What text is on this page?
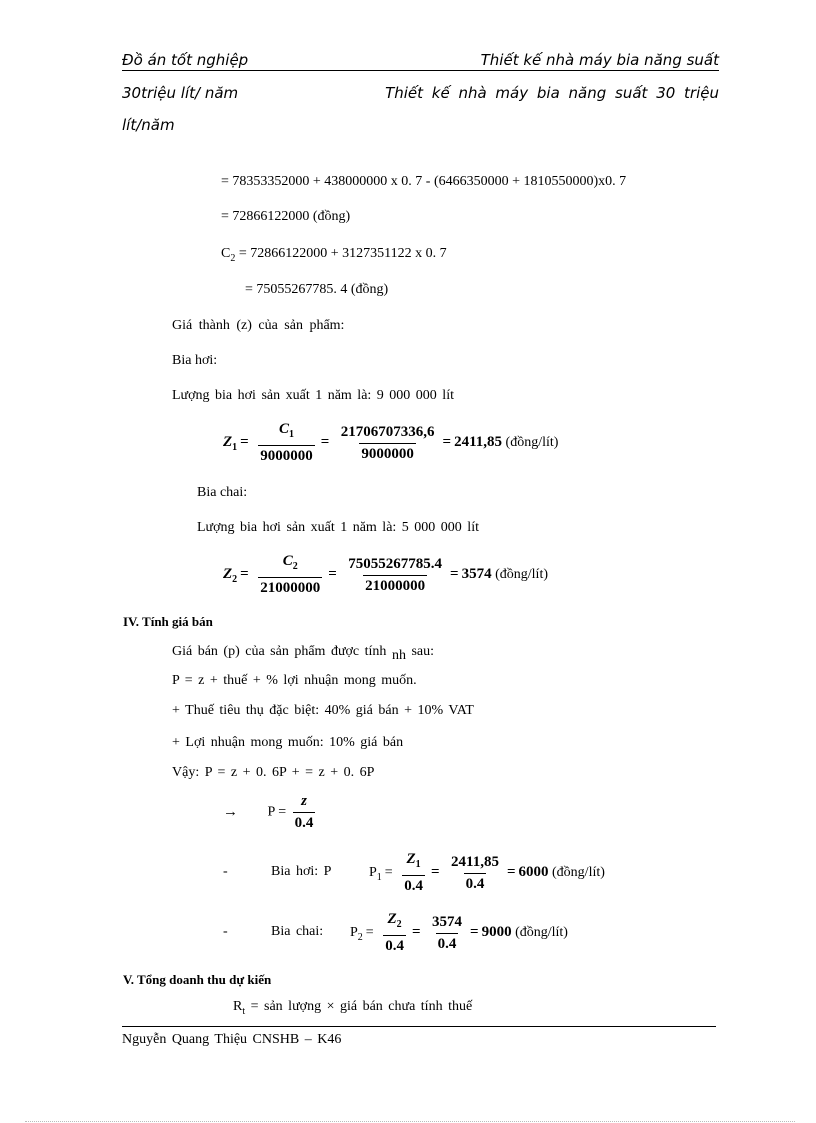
Đồ án tốt nghiệp	Thiết kế nhà máy bia năng suất
30triệu lít/ năm	Thiết kế nhà máy bia năng suất 30 triệu
lít/năm
= 78353352000 + 438000000 x 0. 7 - (6466350000 + 1810550000)x0. 7
= 72866122000 (đồng)
$C_2 = 72866122000 + 3127351122$ x 0. 7
= 75055267785. 4 (đồng)
Giá thành (z) của sản phẩm:
Bia hơi:
Lượng bia hơi sản xuất 1 năm là: 9 000 000 lít
$Z_1 = \frac{C_1}{9000000} = \frac{21706707336,6}{9000000} = 2411,85$ (đồng/lít)
Bia chai:
Lượng bia hơi sản xuất 1 năm là: 5 000 000 lít
$Z_2 = \frac{C_2}{21000000} = \frac{75055267785.4}{21000000} = 3574$ (đồng/lít)
IV. Tính giá bán
Giá bán (p) của sản phẩm được tính nh sau:
P = z + thuế + % lợi nhuận mong muốn.
+ Thuế tiêu thụ đặc biệt: 40% giá bán + 10% VAT
+ Lợi nhuận mong muốn: 10% giá bán
Vậy: P = z + 0. 6P + = z + 0. 6P
→ $P = \frac{z}{0.4}$
-	Bia hơi: P	$P_1 = \frac{Z_1}{0.4} = \frac{2411,85}{0.4} = 6000$ (đồng/lít)
-	Bia chai: $P_2 = \frac{Z_2}{0.4} = \frac{3574}{0.4} = 9000$ (đồng/lít)
V. Tổng doanh thu dự kiến
$R_t$ = sản lượng × giá bán chưa tính thuế
Nguyễn Quang Thiệu CNSHB – K46
